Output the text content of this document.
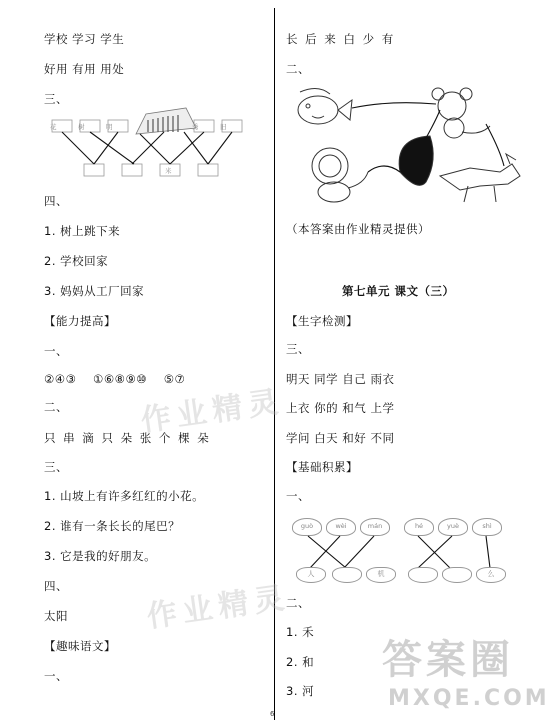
学校 学习 学生
好用 有用 用处
三、
花	树	明	秀	旧
米
四、
1. 树上跳下来
2. 学校回家
3. 妈妈从工厂回家
【能力提高】
一、
②④③    ①⑥⑧⑨⑩    ⑤⑦
二、
只 串 滴 只 朵 张 个 棵 朵
三、
1. 山坡上有许多红红的小花。
2. 谁有一条长长的尾巴？
3. 它是我的好朋友。
四、
太阳
【趣味语文】
一、
长 后 来 白 少 有
二、
（本答案由作业精灵提供）
第七单元 课文（三）
【生字检测】
三、
明天 同学 自己 雨衣
上衣 你的 和气 上学
学问 白天 和好 不同
【基础积累】
一、
guò	wèi	mán	hé	yuè	shì
人	机	么
二、
1. 禾
2. 和
3. 河
作业精灵
作业精灵
答案圈
MXQE.COM
6
